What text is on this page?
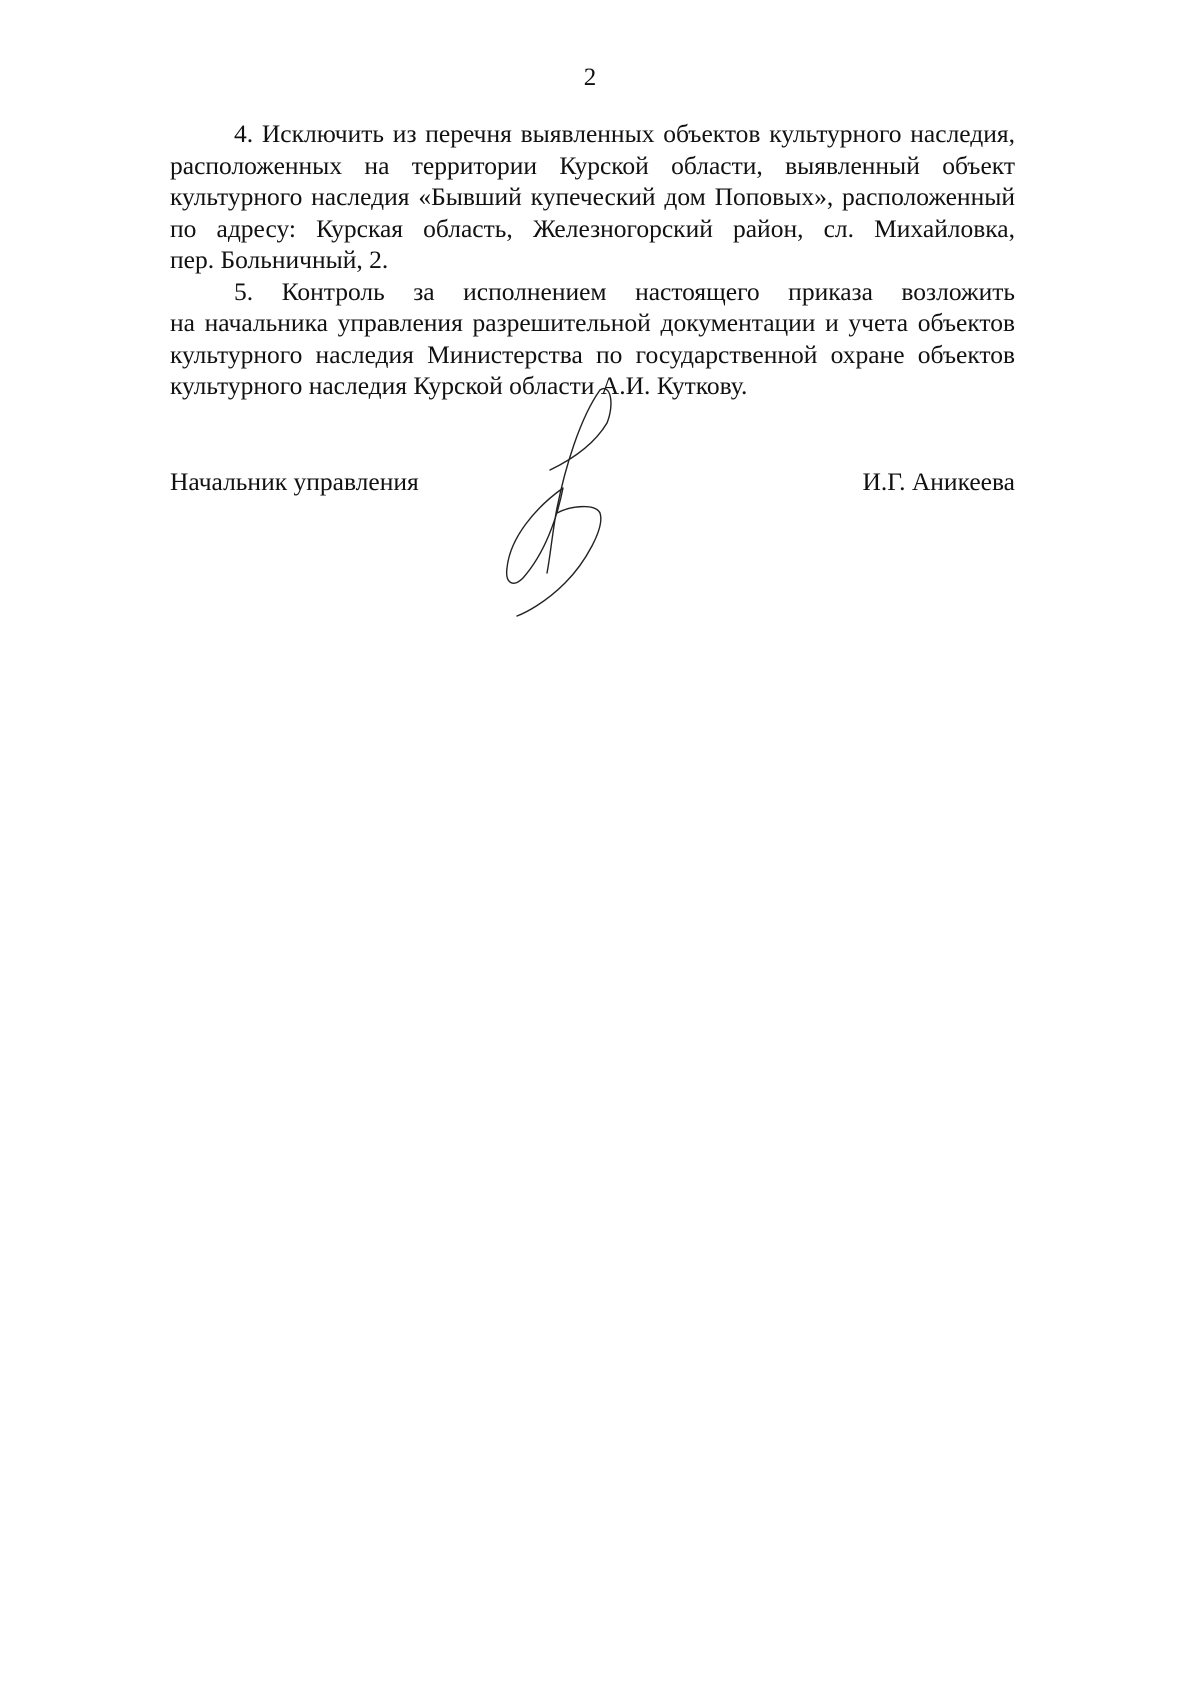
2

4. Исключить из перечня выявленных объектов культурного наследия,
расположенных на территории Курской области, выявленный объект
культурного наследия «Бывший купеческий дом Поповых», расположенный
по адресу: Курская область, Железногорский район, сл. Михайловка,
пер. Больничный, 2.

5. Контроль за исполнением настоящего приказа возложить
на начальника управления разрешительной документации и учета объектов
культурного наследия Министерства по государственной охране объектов
культурного наследия Курской области А.И. Куткову.

Начальник управления	И.Г. Аникеева
